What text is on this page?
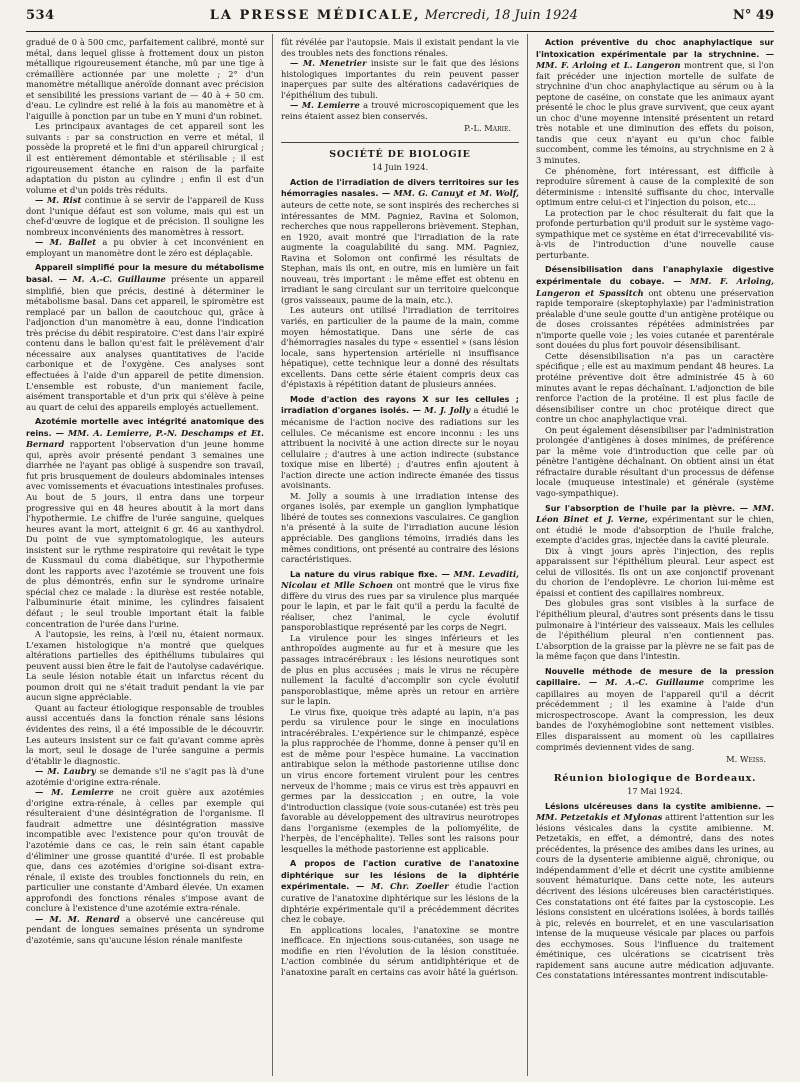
534	LA PRESSE MÉDICALE, Mercredi, 18 Juin 1924	N° 49

gradué de 0 à 500 cmc, parfaitement calibré, monté sur métal, dans lequel glisse à frottement doux un piston métallique rigoureusement étanche, mû par une tige à crémaillère actionnée par une molette ; 2° d'un manomètre métallique anéroïde donnant avec précision et sensibilité les pressions variant de — 40 à + 50 cm. d'eau. Le cylindre est relié à la fois au manomètre et à l'aiguille à ponction par un tube en Y muni d'un robinet.

Les principaux avantages de cet appareil sont les suivants : par sa construction en verre et métal, il possède la propreté et le fini d'un appareil chirurgical ; il est entièrement démontable et stérilisable ; il est rigoureusement étanche en raison de la parfaite adaptation du piston au cylindre ; enfin il est d'un volume et d'un poids très réduits.

— M. Rist continue à se servir de l'appareil de Kuss dont l'unique défaut est son volume, mais qui est un chef-d'œuvre de logique et de précision. Il souligne les nombreux inconvénients des manomètres à ressort.

— M. Ballet a pu obvier à cet inconvénient en employant un manomètre dont le zéro est déplaçable.

Appareil simplifié pour la mesure du métabolisme basal. — M. A.-C. Guillaume présente un appareil simplifié, bien que précis, destiné à déterminer le métabolisme basal. Dans cet appareil, le spiromètre est remplacé par un ballon de caoutchouc qui, grâce à l'adjonction d'un manomètre à eau, donne l'indication très précise du débit respiratoire. C'est dans l'air expiré contenu dans le ballon qu'est fait le prélèvement d'air nécessaire aux analyses quantitatives de l'acide carbonique et de l'oxygène. Ces analyses sont effectuées à l'aide d'un appareil de petite dimension. L'ensemble est robuste, d'un maniement facile, aisément transportable et d'un prix qui s'élève à peine au quart de celui des appareils employés actuellement.

Azotémie mortelle avec intégrité anatomique des reins. — MM. A. Lemierre, P.-N. Deschamps et Et. Bernard rapportent l'observation d'un jeune homme qui, après avoir présenté pendant 3 semaines une diarrhée ne l'ayant pas obligé à suspendre son travail, fut pris brusquement de douleurs abdominales intenses avec vomissements et évacuations intestinales profuses. Au bout de 5 jours, il entra dans une torpeur progressive qui en 48 heures aboutit à la mort dans l'hypothermie. Le chiffre de l'urée sanguine, quelques heures avant la mort, atteignit 6 gr. 46 au xanthydrol. Du point de vue symptomatologique, les auteurs insistent sur le rythme respiratoire qui revêtait le type de Kussmaul du coma diabétique, sur l'hypothermie dont les rapports avec l'azotémie se trouvent une fois de plus démontrés, enfin sur le syndrome urinaire spécial chez ce malade : la diurèse est restée notable, l'albuminurie était minime, les cylindres faisaient défaut ; le seul trouble important était la faible concentration de l'urée dans l'urine.

A l'autopsie, les reins, à l'œil nu, étaient normaux. L'examen histologique n'a montré que quelques altérations partielles des épithéliums tubulaires qui peuvent aussi bien être le fait de l'autolyse cadavérique. La seule lésion notable était un infarctus récent du poumon droit qui ne s'était traduit pendant la vie par aucun signe appréciable.

Quant au facteur étiologique responsable de troubles aussi accentués dans la fonction rénale sans lésions évidentes des reins, il a été impossible de le découvrir. Les auteurs insistent sur ce fait qu'avant comme après la mort, seul le dosage de l'urée sanguine a permis d'établir le diagnostic.

— M. Laubry se demande s'il ne s'agit pas là d'une azotémie d'origine extra-rénale.

— M. Lemierre ne croit guère aux azotémies d'origine extra-rénale, à celles par exemple qui résulteraient d'une désintégration de l'organisme. Il faudrait admettre une désintégration massive incompatible avec l'existence pour qu'on trouvât de l'azotémie dans ce cas, le rein sain étant capable d'éliminer une grosse quantité d'urée. Il est probable que, dans ces azotémies d'origine soi-disant extra-rénale, il existe des troubles fonctionnels du rein, en particulier une constante d'Ambard élevée. Un examen approfondi des fonctions rénales s'impose avant de conclure à l'existence d'une azotémie extra-rénale.

— M. M. Renard a observé une cancéreuse qui pendant de longues semaines présenta un syndrome d'azotémie, sans qu'aucune lésion rénale manifeste

fût révélée par l'autopsie. Mais il existait pendant la vie des troubles nets des fonctions rénales.

— M. Menetrier insiste sur le fait que des lésions histologiques importantes du rein peuvent passer inaperçues par suite des altérations cadavériques de l'épithélium des tubuli.

— M. Lemierre a trouvé microscopiquement que les reins étaient assez bien conservés.

P.-L. Marie.

SOCIÉTÉ DE BIOLOGIE
14 Juin 1924.

Action de l'irradiation de divers territoires sur les hémorragies nasales. — MM. G. Canuyt et M. Wolf, auteurs de cette note, se sont inspirés des recherches si intéressantes de MM. Pagniez, Ravina et Solomon, recherches que nous rappellerons brièvement. Stephan, en 1920, avait montré que l'irradiation de la rate augmente la coagulabilité du sang. MM. Pagniez, Ravina et Solomon ont confirmé les résultats de Stephan, mais ils ont, en outre, mis en lumière un fait nouveau, très important : le même effet est obtenu en irradiant le sang circulant sur un territoire quelconque (gros vaisseaux, paume de la main, etc.).

Les auteurs ont utilisé l'irradiation de territoires variés, en particulier de la paume de la main, comme moyen hémostatique. Dans une série de cas d'hémorragies nasales du type « essentiel » (sans lésion locale, sans hypertension artérielle ni insuffisance hépatique), cette technique leur a donné des résultats excellents. Dans cette série étaient compris deux cas d'épistaxis à répétition datant de plusieurs années.

Mode d'action des rayons X sur les cellules ; irradiation d'organes isolés. — M. J. Jolly a étudié le mécanisme de l'action nocive des radiations sur les cellules. Ce mécanisme est encore inconnu : les uns attribuent la nocivité à une action directe sur le noyau cellulaire ; d'autres à une action indirecte (substance toxique mise en liberté) ; d'autres enfin ajoutent à l'action directe une action indirecte émanée des tissus avoisinants.

M. Jolly a soumis à une irradiation intense des organes isolés, par exemple un ganglion lymphatique libéré de toutes ses connexions vasculaires. Ce ganglion n'a présenté à la suite de l'irradiation aucune lésion appréciable. Des ganglions témoins, irradiés dans les mêmes conditions, ont présenté au contraire des lésions caractéristiques.

La nature du virus rabique fixe. — MM. Levaditi, Nicolau et Mlle Schoen ont montré que le virus fixe diffère du virus des rues par sa virulence plus marquée pour le lapin, et par le fait qu'il a perdu la faculté de réaliser, chez l'animal, le cycle évolutif pansporoblastique représenté par les corps de Negri.

La virulence pour les singes inférieurs et les anthropoïdes augmente au fur et à mesure que les passages intracérébraux : les lésions neurotiques sont de plus en plus accusées ; mais le virus ne récupère nullement la faculté d'accomplir son cycle évolutif pansporoblastique, même après un retour en arrière sur le lapin.

Le virus fixe, quoique très adapté au lapin, n'a pas perdu sa virulence pour le singe en inoculations intracérébrales. L'expérience sur le chimpanzé, espèce la plus rapprochée de l'homme, donne à penser qu'il en est de même pour l'espèce humaine. La vaccination antirabique selon la méthode pastorienne utilise donc un virus encore fortement virulent pour les centres nerveux de l'homme ; mais ce virus est très appauvri en germes par la dessiccation ; en outre, la voie d'introduction classique (voie sous-cutanée) est très peu favorable au développement des ultravirus neurotropes dans l'organisme (exemples de la poliomyélite, de l'herpès, de l'encéphalite). Telles sont les raisons pour lesquelles la méthode pastorienne est applicable.

A propos de l'action curative de l'anatoxine diphtérique sur les lésions de la diphtérie expérimentale. — M. Chr. Zoeller étudie l'action curative de l'anatoxine diphtérique sur les lésions de la diphtérie expérimentale qu'il a précédemment décrites chez le cobaye.

En applications locales, l'anatoxine se montre inefficace. En injections sous-cutanées, son usage ne modifie en rien l'évolution de la lésion constituée. L'action combinée du sérum antidiphtérique et de l'anatoxine paraît en certains cas avoir hâté la guérison.

Action préventive du choc anaphylactique sur l'intoxication expérimentale par la strychnine. — MM. F. Arloing et L. Langeron montrent que, si l'on fait précéder une injection mortelle de sulfate de strychnine d'un choc anaphylactique au sérum ou à la peptone de caséine, on constate que les animaux ayant présenté le choc le plus grave survivent, que ceux ayant un choc d'une moyenne intensité présentent un retard très notable et une diminution des effets du poison, tandis que ceux n'ayant eu qu'un choc faible succombent, comme les témoins, au strychnisme en 2 à 3 minutes.

Ce phénomène, fort intéressant, est difficile à reproduire sûrement à cause de la complexité de son déterminisme : intensité suffisante du choc, intervalle optimum entre celui-ci et l'injection du poison, etc...

La protection par le choc résulterait du fait que la profonde perturbation qu'il produit sur le système vago-sympathique met ce système en état d'irrecevabilité vis-à-vis de l'introduction d'une nouvelle cause perturbante.

Désensibilisation dans l'anaphylaxie digestive expérimentale du cobaye. — MM. F. Arloing, Langeron et Spassitch ont obtenu une préservation rapide temporaire (skeptophylaxie) par l'administration préalable d'une seule goutte d'un antigène protéique ou de doses croissantes répétées administrées par n'importe quelle voie ; les voies cutanée et parentérale sont douées du plus fort pouvoir désensibilisant.

Cette désensibilisation n'a pas un caractère spécifique ; elle est au maximum pendant 48 heures. La protéine préventive doit être administrée 45 à 60 minutes avant le repas déchaînant. L'adjonction de bile renforce l'action de la protéine. Il est plus facile de désensibiliser contre un choc protéique direct que contre un choc anaphylactique vrai.

On peut également désensibiliser par l'administration prolongée d'antigènes à doses minimes, de préférence par la même voie d'introduction que celle par où pénètre l'antigène déchaînant. On obtient ainsi un état réfractaire durable résultant d'un processus de défense locale (muqueuse intestinale) et générale (système vago-sympathique).

Sur l'absorption de l'huile par la plèvre. — MM. Léon Binet et J. Verne, expérimentant sur le chien, ont étudié le mode d'absorption de l'huile fraîche, exempte d'acides gras, injectée dans la cavité pleurale.

Dix à vingt jours après l'injection, des replis apparaissent sur l'épithélium pleural. Leur aspect est celui de villosités. Ils ont un axe conjonctif provenant du chorion de l'endoplèvre. Le chorion lui-même est épaissi et contient des capillaires nombreux.

Des globules gras sont visibles à la surface de l'épithélium pleural, d'autres sont présents dans le tissu pulmonaire à l'intérieur des vaisseaux. Mais les cellules de l'épithélium pleural n'en contiennent pas. L'absorption de la graisse par la plèvre ne se fait pas de la même façon que dans l'intestin.

Nouvelle méthode de mesure de la pression capillaire. — M. A.-C. Guillaume comprime les capillaires au moyen de l'appareil qu'il a décrit précédemment ; il les examine à l'aide d'un microspectroscope. Avant la compression, les deux bandes de l'oxyhémoglobine sont nettement visibles. Elles disparaissent au moment où les capillaires comprimés deviennent vides de sang.

M. Weiss.

Réunion biologique de Bordeaux.
17 Mai 1924.

Lésions ulcéreuses dans la cystite amibienne. — MM. Petzetakis et Mylonas attirent l'attention sur les lésions vésicales dans la cystite amibienne. M. Petzetakis, en effet, a démontré, dans des notes précédentes, la présence des amibes dans les urines, au cours de la dysenterie amibienne aiguë, chronique, ou indépendamment d'elle et décrit une cystite amibienne souvent hématurique. Dans cette note, les auteurs décrivent des lésions ulcéreuses bien caractéristiques. Ces constatations ont été faites par la cystoscopie. Les lésions consistent en ulcérations isolées, à bords taillés à pic, relevés en bourrelet, et en une vascularisation intense de la muqueuse vésicale par places ou parfois des ecchymoses. Sous l'influence du traitement émétinique, ces ulcérations se cicatrisent très rapidement sans aucune autre médication adjuvante. Ces constatations intéressantes montrent indiscutable-
